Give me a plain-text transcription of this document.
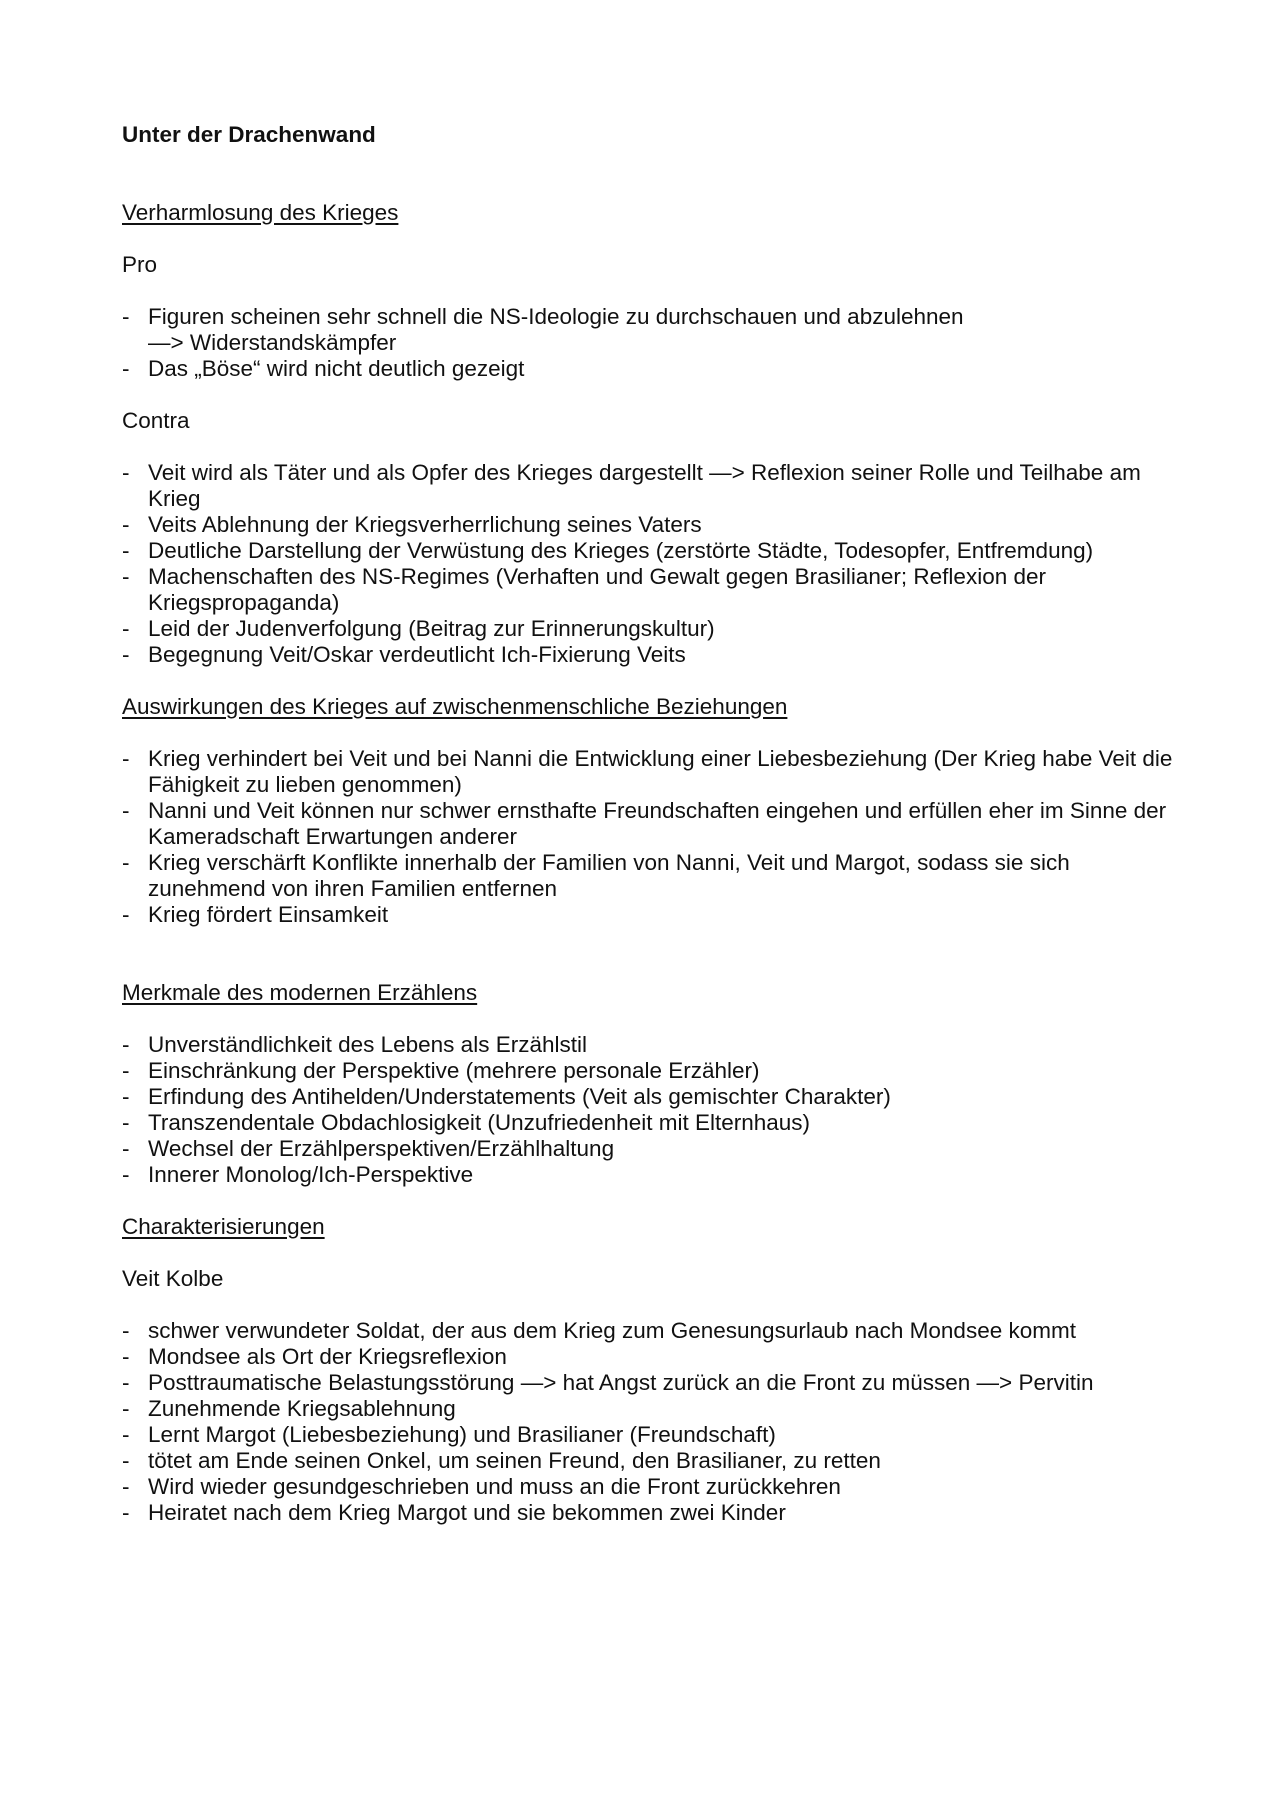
Unter der Drachenwand

Verharmlosung des Krieges

Pro

- Figuren scheinen sehr schnell die NS-Ideologie zu durchschauen und abzulehnen
—> Widerstandskämpfer
- Das „Böse“ wird nicht deutlich gezeigt

Contra

- Veit wird als Täter und als Opfer des Krieges dargestellt —> Reflexion seiner Rolle und Teilhabe am Krieg
- Veits Ablehnung der Kriegsverherrlichung seines Vaters
- Deutliche Darstellung der Verwüstung des Krieges (zerstörte Städte, Todesopfer, Entfremdung)
- Machenschaften des NS-Regimes (Verhaften und Gewalt gegen Brasilianer; Reflexion der Kriegspropaganda)
- Leid der Judenverfolgung (Beitrag zur Erinnerungskultur)
- Begegnung Veit/Oskar verdeutlicht Ich-Fixierung Veits

Auswirkungen des Krieges auf zwischenmenschliche Beziehungen

- Krieg verhindert bei Veit und bei Nanni die Entwicklung einer Liebesbeziehung (Der Krieg habe Veit die Fähigkeit zu lieben genommen)
- Nanni und Veit können nur schwer ernsthafte Freundschaften eingehen und erfüllen eher im Sinne der Kameradschaft Erwartungen anderer
- Krieg verschärft Konflikte innerhalb der Familien von Nanni, Veit und Margot, sodass sie sich zunehmend von ihren Familien entfernen
- Krieg fördert Einsamkeit

Merkmale des modernen Erzählens

- Unverständlichkeit des Lebens als Erzählstil
- Einschränkung der Perspektive (mehrere personale Erzähler)
- Erfindung des Antihelden/Understatements (Veit als gemischter Charakter)
- Transzendentale Obdachlosigkeit (Unzufriedenheit mit Elternhaus)
- Wechsel der Erzählperspektiven/Erzählhaltung
- Innerer Monolog/Ich-Perspektive

Charakterisierungen

Veit Kolbe

- schwer verwundeter Soldat, der aus dem Krieg zum Genesungsurlaub nach Mondsee kommt
- Mondsee als Ort der Kriegsreflexion
- Posttraumatische Belastungsstörung —> hat Angst zurück an die Front zu müssen —> Pervitin
- Zunehmende Kriegsablehnung
- Lernt Margot (Liebesbeziehung) und Brasilianer (Freundschaft)
- tötet am Ende seinen Onkel, um seinen Freund, den Brasilianer, zu retten
- Wird wieder gesundgeschrieben und muss an die Front zurückkehren
- Heiratet nach dem Krieg Margot und sie bekommen zwei Kinder
